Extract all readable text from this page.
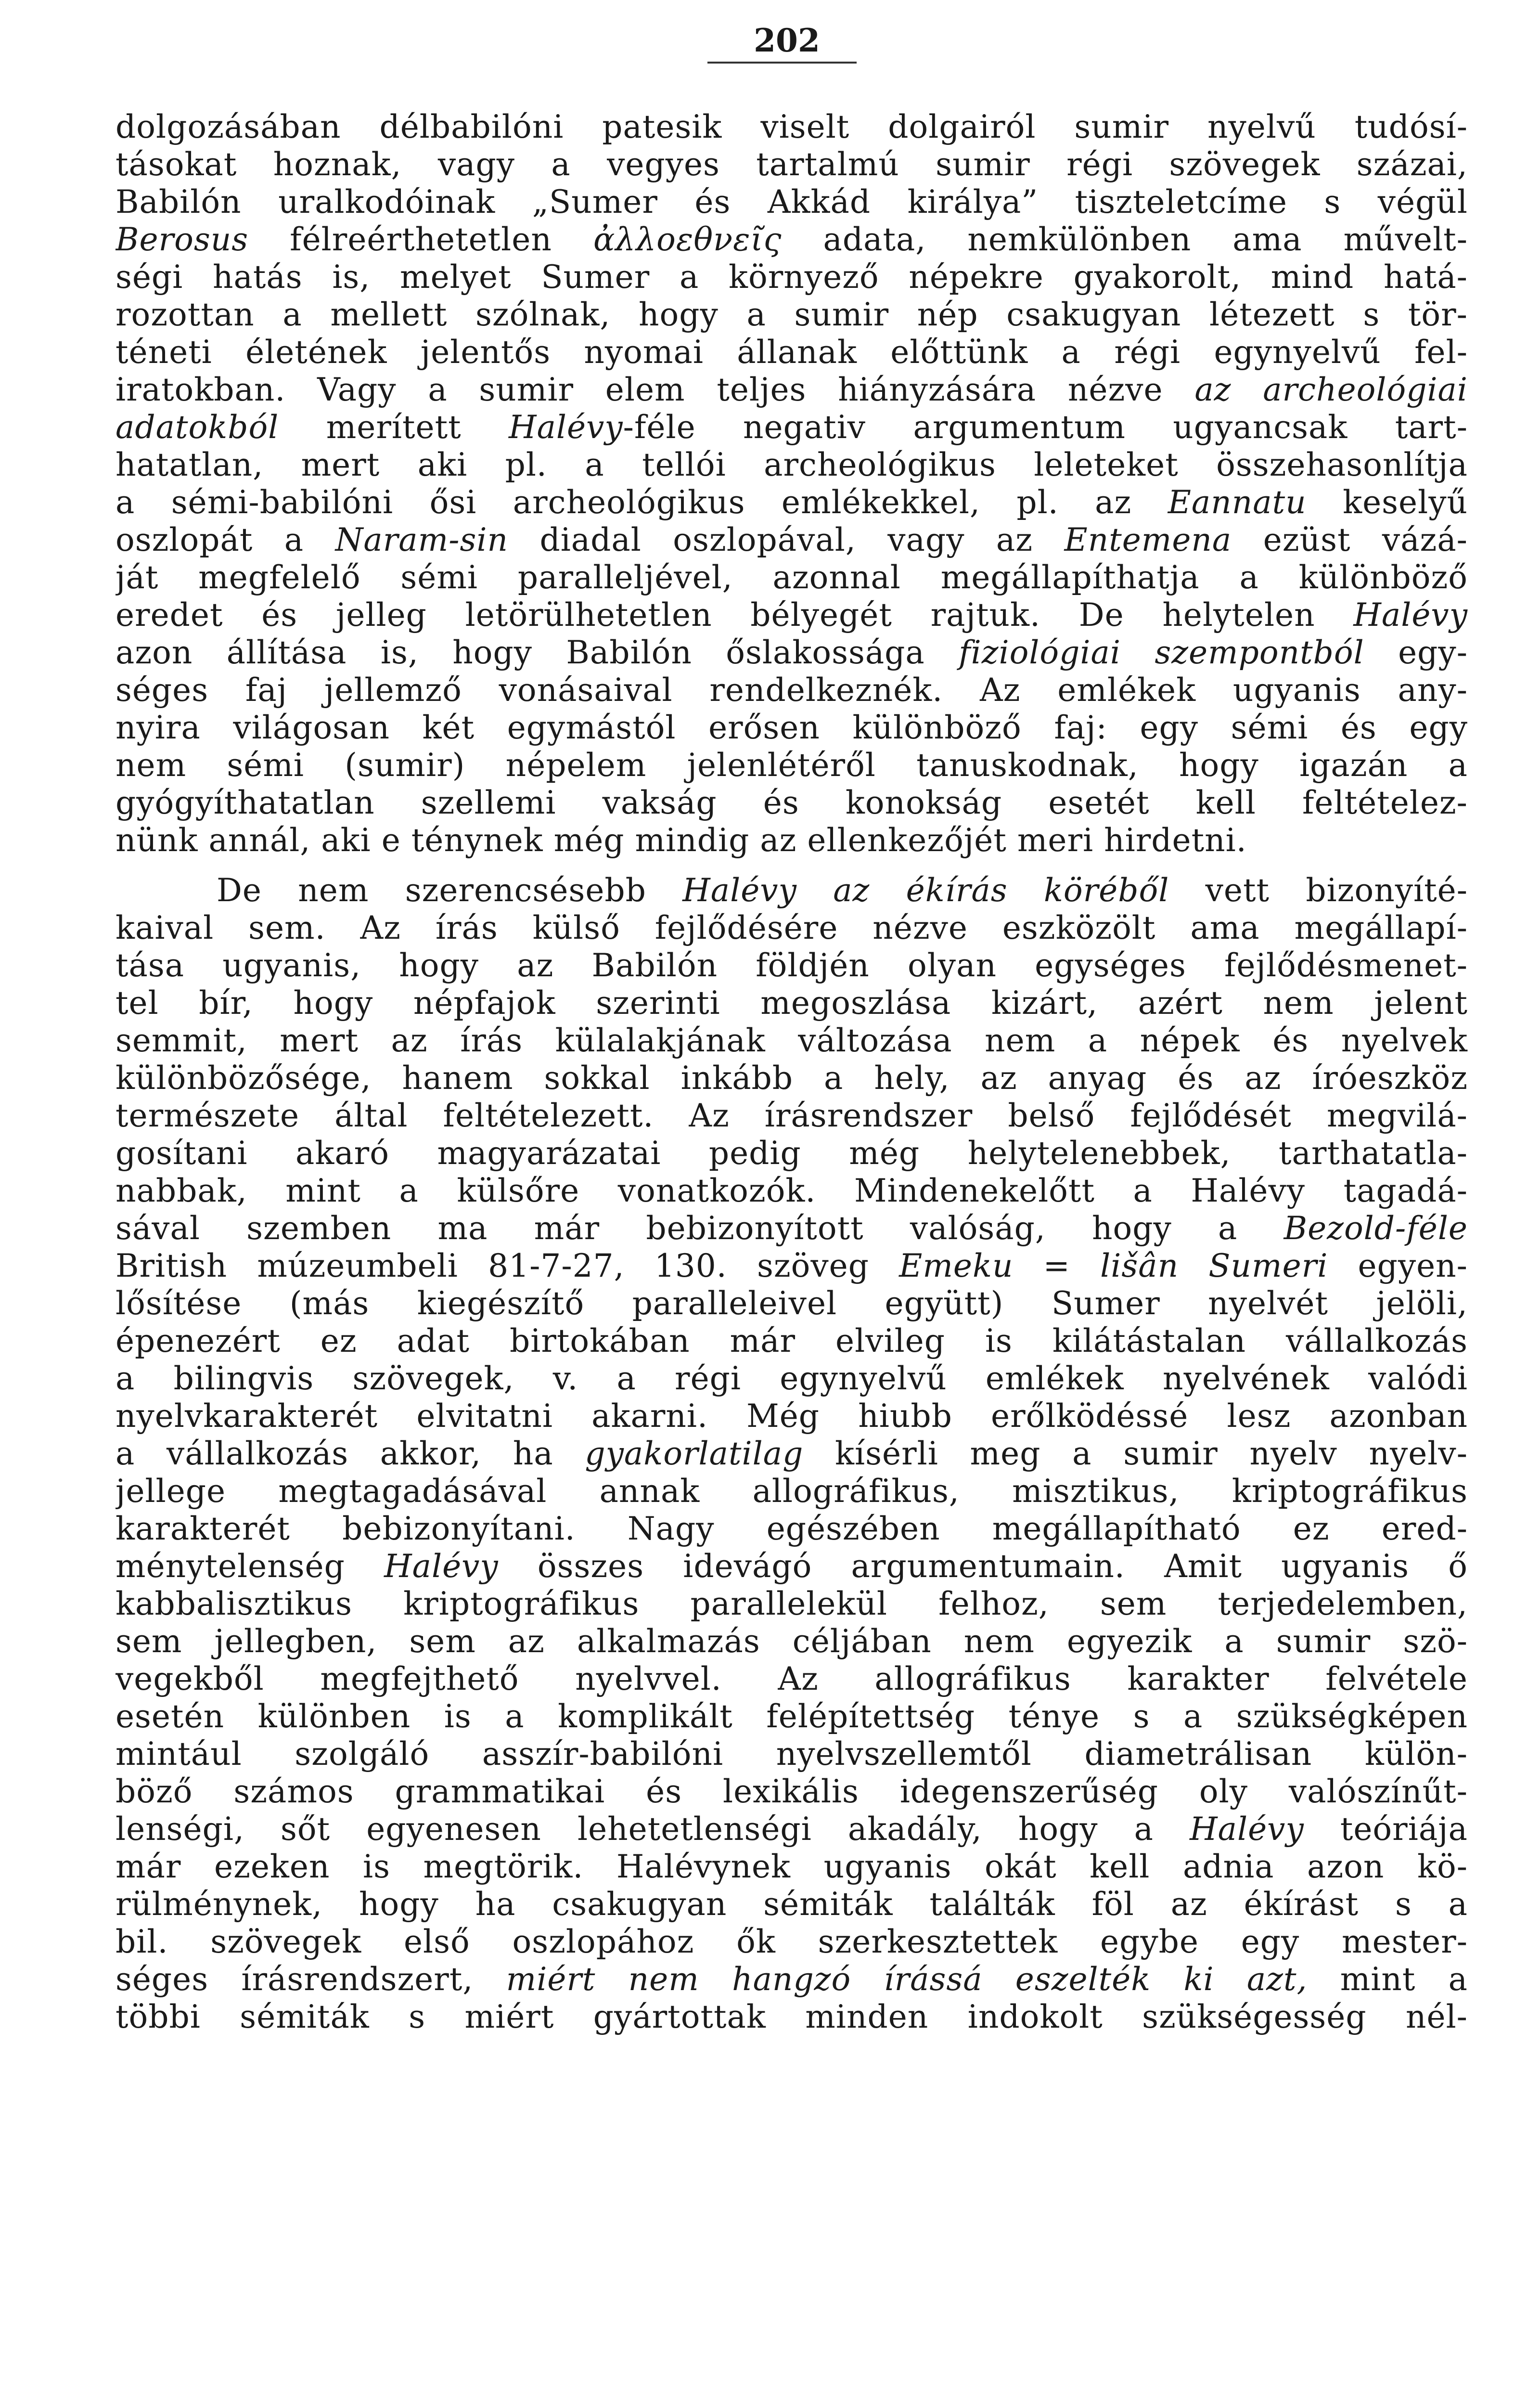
202
dolgozásában délbabilóni patesik viselt dolgairól sumir nyelvű tudósí-
tásokat hoznak, vagy a vegyes tartalmú sumir régi szövegek százai,
Babilón uralkodóinak „Sumer és Akkád királya” tiszteletcíme s végül
Berosus félreérthetetlen ἀλλοεθνεῖς adata, nemkülönben ama művelt-
ségi hatás is, melyet Sumer a környező népekre gyakorolt, mind hatá-
rozottan a mellett szólnak, hogy a sumir nép csakugyan létezett s tör-
téneti életének jelentős nyomai állanak előttünk a régi egynyelvű fel-
iratokban. Vagy a sumir elem teljes hiányzására nézve az archeológiai
adatokból merített Halévy-féle negativ argumentum ugyancsak tart-
hatatlan, mert aki pl. a tellói archeológikus leleteket összehasonlítja
a sémi-babilóni ősi archeológikus emlékekkel, pl. az Eannatu keselyű
oszlopát a Naram-sin diadal oszlopával, vagy az Entemena ezüst vázá-
ját megfelelő sémi paralleljével, azonnal megállapíthatja a különböző
eredet és jelleg letörülhetetlen bélyegét rajtuk. De helytelen Halévy
azon állítása is, hogy Babilón őslakossága fiziológiai szempontból egy-
séges faj jellemző vonásaival rendelkeznék. Az emlékek ugyanis any-
nyira világosan két egymástól erősen különböző faj: egy sémi és egy
nem sémi (sumir) népelem jelenlétéről tanuskodnak, hogy igazán a
gyógyíthatatlan szellemi vakság és konokság esetét kell feltételez-
nünk annál, aki e ténynek még mindig az ellenkezőjét meri hirdetni.
De nem szerencsésebb Halévy az ékírás köréből vett bizonyíté-
kaival sem. Az írás külső fejlődésére nézve eszközölt ama megállapí-
tása ugyanis, hogy az Babilón földjén olyan egységes fejlődésmenet-
tel bír, hogy népfajok szerinti megoszlása kizárt, azért nem jelent
semmit, mert az írás külalakjának változása nem a népek és nyelvek
különbözősége, hanem sokkal inkább a hely, az anyag és az íróeszköz
természete által feltételezett. Az írásrendszer belső fejlődését megvilá-
gosítani akaró magyarázatai pedig még helytelenebbek, tarthatatla-
nabbak, mint a külsőre vonatkozók. Mindenekelőtt a Halévy tagadá-
sával szemben ma már bebizonyított valóság, hogy a Bezold-féle
British múzeumbeli 81-7-27, 130. szöveg Emeku = lišân Sumeri egyen-
lősítése (más kiegészítő paralleleivel együtt) Sumer nyelvét jelöli,
épenezért ez adat birtokában már elvileg is kilátástalan vállalkozás
a bilingvis szövegek, v. a régi egynyelvű emlékek nyelvének valódi
nyelvkarakterét elvitatni akarni. Még hiubb erőlködéssé lesz azonban
a vállalkozás akkor, ha gyakorlatilag kísérli meg a sumir nyelv nyelv-
jellege megtagadásával annak allográfikus, misztikus, kriptográfikus
karakterét bebizonyítani. Nagy egészében megállapítható ez ered-
ménytelenség Halévy összes idevágó argumentumain. Amit ugyanis ő
kabbalisztikus kriptográfikus parallelekül felhoz, sem terjedelemben,
sem jellegben, sem az alkalmazás céljában nem egyezik a sumir szö-
vegekből megfejthető nyelvvel. Az allográfikus karakter felvétele
esetén különben is a komplikált felépítettség ténye s a szükségképen
mintául szolgáló asszír-babilóni nyelvszellemtől diametrálisan külön-
böző számos grammatikai és lexikális idegenszerűség oly valószínűt-
lenségi, sőt egyenesen lehetetlenségi akadály, hogy a Halévy teóriája
már ezeken is megtörik. Halévynek ugyanis okát kell adnia azon kö-
rülménynek, hogy ha csakugyan sémiták találták föl az ékírást s a
bil. szövegek első oszlopához ők szerkesztettek egybe egy mester-
séges írásrendszert, miért nem hangzó írássá eszelték ki azt, mint a
többi sémiták s miért gyártottak minden indokolt szükségesség nél-
